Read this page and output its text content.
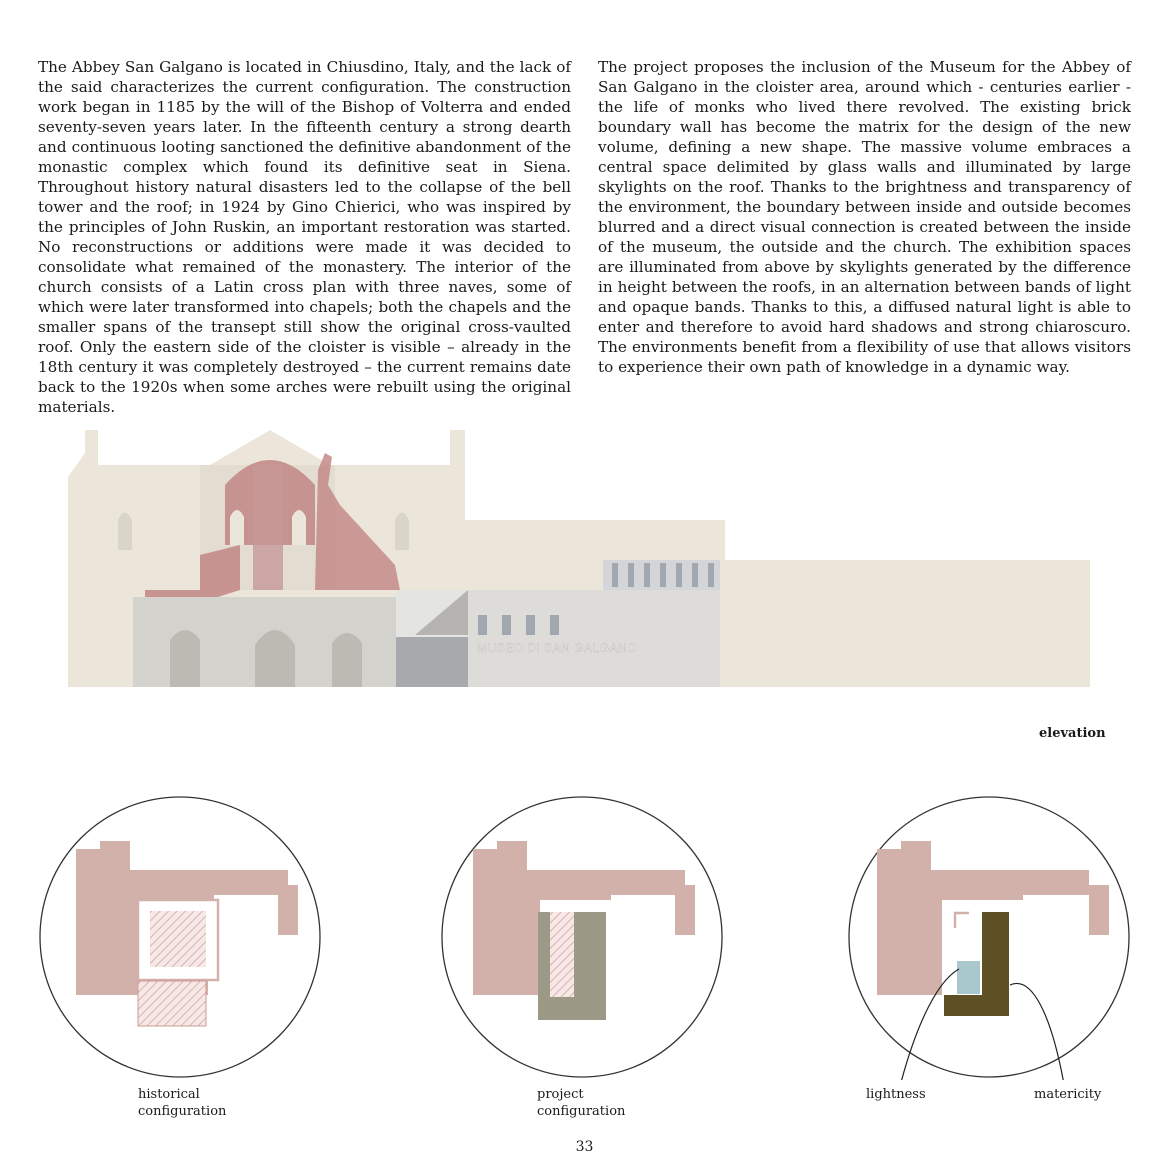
The Abbey San Galgano is located in Chiusdino, Italy, and the lack of the said characterizes the current configuration. The construction work began in 1185 by the will of the Bishop of Volterra and ended seventy-seven years later. In the fifteenth century a strong dearth and continuous looting sanctioned the definitive abandonment of the monastic complex which found its definitive seat in Siena. Throughout history natural disasters led to the collapse of the bell tower and the roof; in 1924 by Gino Chierici, who was inspired by the principles of John Ruskin, an important restoration was started. No reconstructions or additions were made it was decided to consolidate what remained of the monastery. The interior of the church consists of a Latin cross plan with three naves, some of which were later transformed into chapels; both the chapels and the smaller spans of the transept still show the original cross-vaulted roof. Only the eastern side of the cloister is visible – already in the 18th century it was completely destroyed – the current remains date back to the 1920s when some arches were rebuilt using the original materials.

The project proposes the inclusion of the Museum for the Abbey of San Galgano in the cloister area, around which - centuries earlier - the life of monks who lived there revolved. The existing brick boundary wall has become the matrix for the design of the new volume, defining a new shape. The massive volume embraces a central space delimited by glass walls and illuminated by large skylights on the roof. Thanks to the brightness and transparency of the environment, the boundary between inside and outside becomes blurred and a direct visual connection is created between the inside of the museum, the outside and the church. The exhibition spaces are illuminated from above by skylights generated by the difference in height between the roofs, in an alternation between bands of light and opaque bands. Thanks to this, a diffused natural light is able to enter and therefore to avoid hard shadows and strong chiaroscuro. The environments benefit from a flexibility of use that allows visitors to experience their own path of knowledge in a dynamic way.

MUSEO DI SAN GALGANO
elevation
historical
configuration
project
configuration
lightness	matericity
33
